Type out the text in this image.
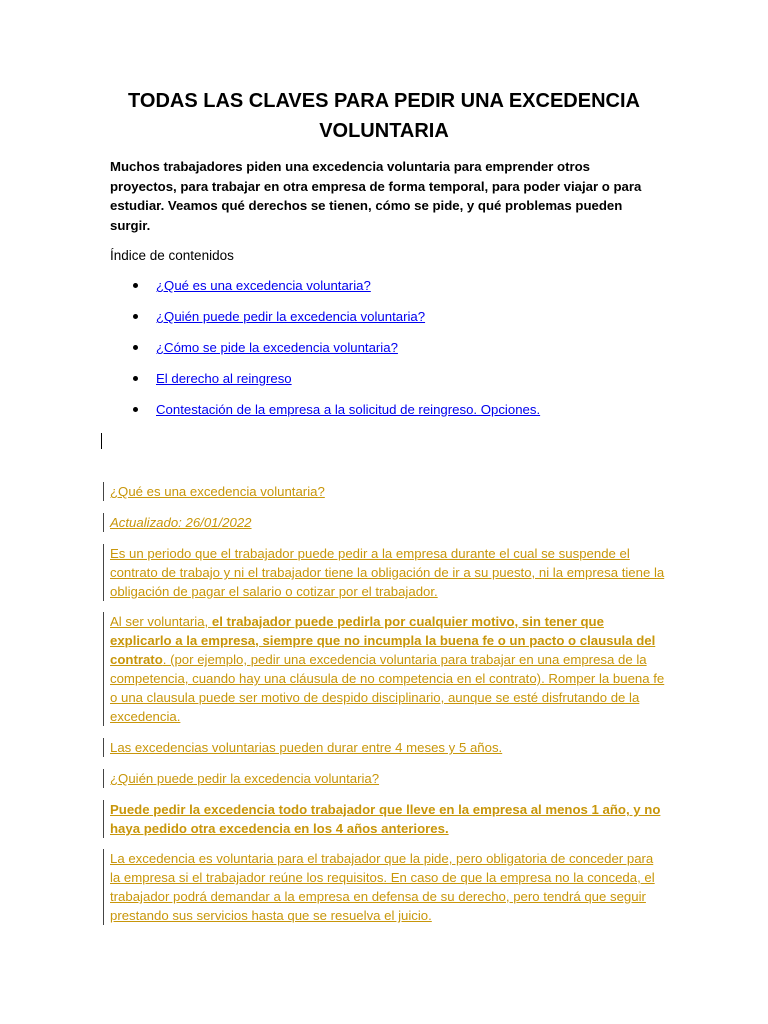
TODAS LAS CLAVES PARA PEDIR UNA EXCEDENCIA VOLUNTARIA

Muchos trabajadores piden una excedencia voluntaria para emprender otros proyectos, para trabajar en otra empresa de forma temporal, para poder viajar o para estudiar. Veamos qué derechos se tienen, cómo se pide, y qué problemas pueden surgir.

Índice de contenidos

¿Qué es una excedencia voluntaria?
¿Quién puede pedir la excedencia voluntaria?
¿Cómo se pide la excedencia voluntaria?
El derecho al reingreso
Contestación de la empresa a la solicitud de reingreso. Opciones.

¿Qué es una excedencia voluntaria?

Actualizado: 26/01/2022

Es un periodo que el trabajador puede pedir a la empresa durante el cual se suspende el contrato de trabajo y ni el trabajador tiene la obligación de ir a su puesto, ni la empresa tiene la obligación de pagar el salario o cotizar por el trabajador.

Al ser voluntaria, el trabajador puede pedirla por cualquier motivo, sin tener que explicarlo a la empresa, siempre que no incumpla la buena fe o un pacto o clausula del contrato. (por ejemplo, pedir una excedencia voluntaria para trabajar en una empresa de la competencia, cuando hay una cláusula de no competencia en el contrato). Romper la buena fe o una clausula puede ser motivo de despido disciplinario, aunque se esté disfrutando de la excedencia.

Las excedencias voluntarias pueden durar entre 4 meses y 5 años.

¿Quién puede pedir la excedencia voluntaria?

Puede pedir la excedencia todo trabajador que lleve en la empresa al menos 1 año, y no haya pedido otra excedencia en los 4 años anteriores.

La excedencia es voluntaria para el trabajador que la pide, pero obligatoria de conceder para la empresa si el trabajador reúne los requisitos. En caso de que la empresa no la conceda, el trabajador podrá demandar a la empresa en defensa de su derecho, pero tendrá que seguir prestando sus servicios hasta que se resuelva el juicio.
